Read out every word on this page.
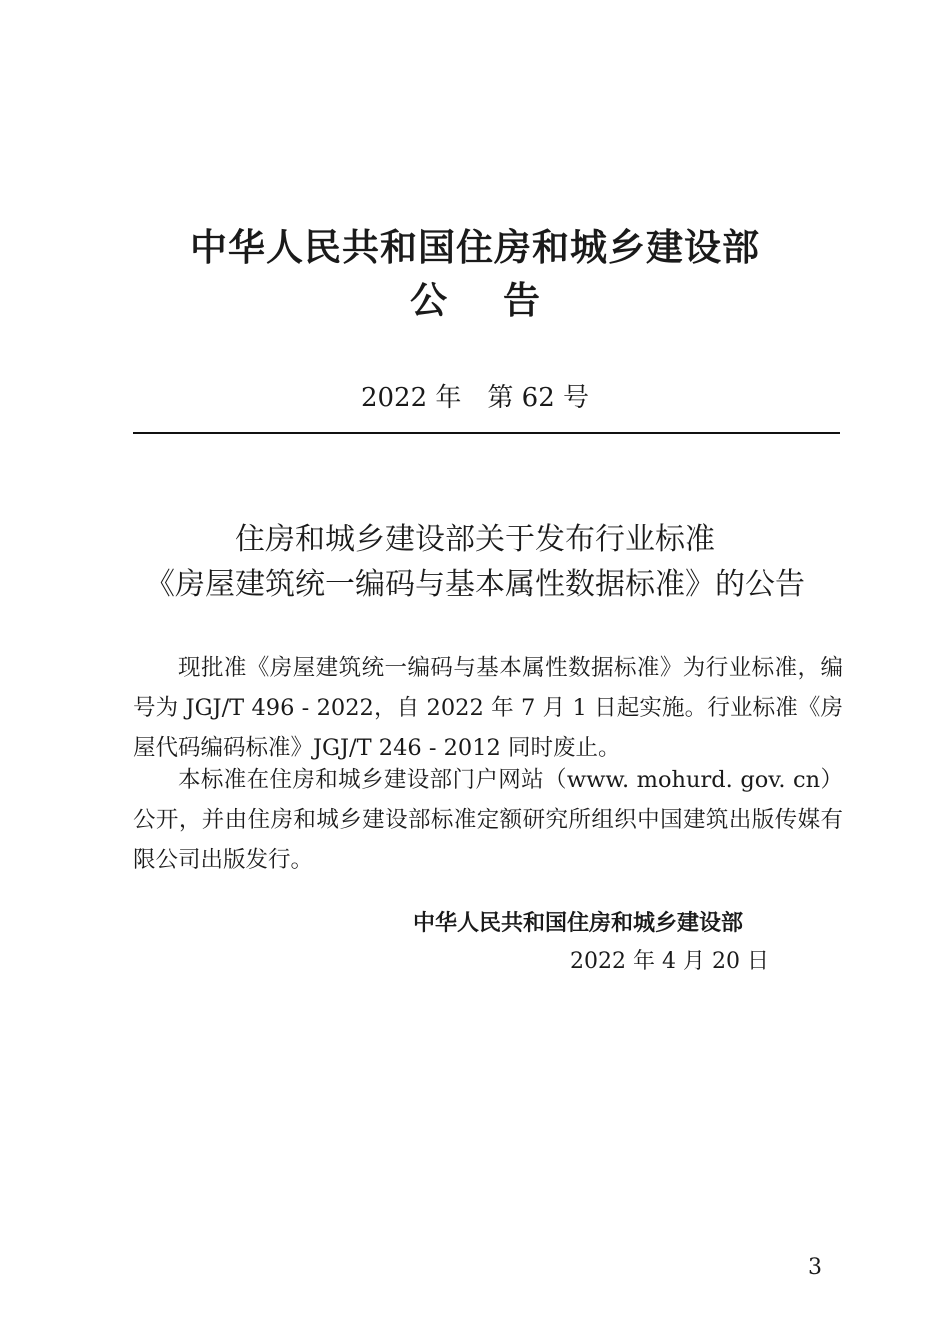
中华人民共和国住房和城乡建设部
公告
2022 年　第 62 号
住房和城乡建设部关于发布行业标准
《房屋建筑统一编码与基本属性数据标准》的公告

现批准《房屋建筑统一编码与基本属性数据标准》为行业标准，编号为 JGJ/T 496 - 2022，自 2022 年 7 月 1 日起实施。行业标准《房屋代码编码标准》JGJ/T 246 - 2012 同时废止。

本标准在住房和城乡建设部门户网站（www. mohurd. gov. cn）公开，并由住房和城乡建设部标准定额研究所组织中国建筑出版传媒有限公司出版发行。

中华人民共和国住房和城乡建设部
2022 年 4 月 20 日
3
